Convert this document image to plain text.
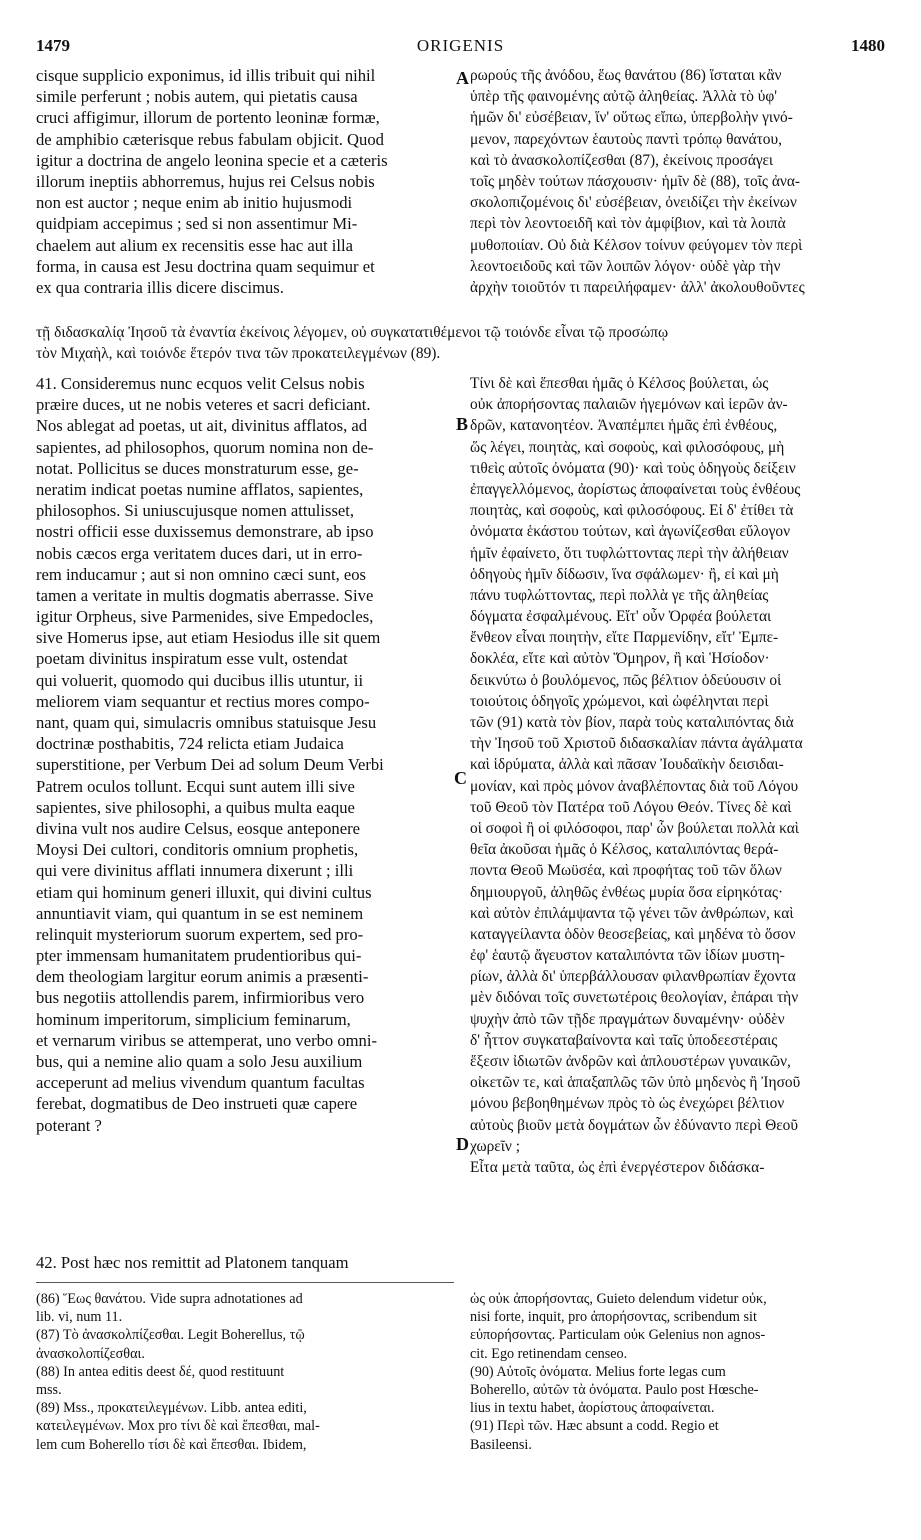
1479	ORIGENIS	1480
cisque supplicio exponimus, id illis tribuit qui nihil
simile perferunt ; nobis autem, qui pietatis causa
cruci affigimur, illorum de portento leoninæ formæ,
de amphibio cæterisque rebus fabulam objicit. Quod
igitur a doctrina de angelo leonina specie et a cæteris
illorum ineptiis abhorremus, hujus rei Celsus nobis
non est auctor ; neque enim ab initio hujusmodi
quidpiam accepimus ; sed si non assentimur Mi-
chaelem aut alium ex recensitis esse hac aut illa
forma, in causa est Jesu doctrina quam sequimur et
ex qua contraria illis dicere discimus.
ρωρούς τῆς ἀνόδου, ἕως θανάτου (86) ἵσταται κἂν
ὑπὲρ τῆς φαινομένης αὐτῷ ἀληθείας. Ἀλλὰ τὸ ὑφ'
ἡμῶν δι' εὐσέβειαν, ἵν' οὕτως εἴπω, ὑπερβολὴν γινό-
μενον, παρεχόντων ἑαυτοὺς παντὶ τρόπῳ θανάτου,
καὶ τὸ ἀνασκολοπίζεσθαι (87), ἐκείνοις προσάγει
τοῖς μηδὲν τούτων πάσχουσιν· ἡμῖν δὲ (88), τοῖς ἀνα-
σκολοπιζομένοις δι' εὐσέβειαν, ὀνειδίζει τὴν ἐκείνων
περὶ τὸν λεοντοειδῆ καὶ τὸν ἀμφίβιον, καὶ τὰ λοιπὰ
μυθοποιίαν. Οὐ διὰ Κέλσον τοίνυν φεύγομεν τὸν περὶ
λεοντοειδοῦς καὶ τῶν λοιπῶν λόγον· οὐδὲ γὰρ τὴν
ἀρχὴν τοιοῦτόν τι παρειλήφαμεν· ἀλλ' ἀκολουθοῦντες
τῇ διδασκαλίᾳ Ἰησοῦ τὰ ἐναντία ἐκείνοις λέγομεν, οὐ συγκατατιθέμενοι τῷ τοιόνδε εἶναι τῷ προσώπῳ
τὸν Μιχαὴλ, καὶ τοιόνδε ἕτερόν τινα τῶν προκατειλεγμένων (89).
41. Consideremus nunc ecquos velit Celsus nobis
præire duces, ut ne nobis veteres et sacri deficiant.
Nos ablegat ad poetas, ut ait, divinitus afflatos, ad
sapientes, ad philosophos, quorum nomina non de-
notat. Pollicitus se duces monstraturum esse, ge-
neratim indicat poetas numine afflatos, sapientes,
philosophos. Si uniuscujusque nomen attulisset,
nostri officii esse duxissemus demonstrare, ab ipso
nobis cæcos erga veritatem duces dari, ut in erro-
rem inducamur ; aut si non omnino cæci sunt, eos
tamen a veritate in multis dogmatis aberrasse. Sive
igitur Orpheus, sive Parmenides, sive Empedocles,
sive Homerus ipse, aut etiam Hesiodus ille sit quem
poetam divinitus inspiratum esse vult, ostendat
qui voluerit, quomodo qui ducibus illis utuntur, ii
meliorem viam sequantur et rectius mores compo-
nant, quam qui, simulacris omnibus statuisque Jesu
doctrinæ posthabitis, 724 relicta etiam Judaica
superstitione, per Verbum Dei ad solum Deum Verbi
Patrem oculos tollunt. Ecqui sunt autem illi sive
sapientes, sive philosophi, a quibus multa eaque
divina vult nos audire Celsus, eosque anteponere
Moysi Dei cultori, conditoris omnium prophetis,
qui vere divinitus afflati innumera dixerunt ; illi
etiam qui hominum generi illuxit, qui divini cultus
annuntiavit viam, qui quantum in se est neminem
relinquit mysteriorum suorum expertem, sed pro-
pter immensam humanitatem prudentioribus qui-
dem theologiam largitur eorum animis a præsenti-
bus negotiis attollendis parem, infirmioribus vero
hominum imperitorum, simplicium feminarum,
et vernarum viribus se attemperat, uno verbo omni-
bus, qui a nemine alio quam a solo Jesu auxilium
acceperunt ad melius vivendum quantum facultas
ferebat, dogmatibus de Deo instrueti quæ capere
poterant ?
Τίνι δὲ καὶ ἕπεσθαι ἡμᾶς ὁ Κέλσος βούλεται, ὡς
οὐκ ἀπορήσοντας παλαιῶν ἡγεμόνων καὶ ἱερῶν ἀν-
δρῶν, κατανοητέον. Ἀναπέμπει ἡμᾶς ἐπὶ ἐνθέους,
ὥς λέγει, ποιητὰς, καὶ σοφοὺς, καὶ φιλοσόφους, μὴ
τιθεὶς αὐτοῖς ὀνόματα (90)· καὶ τοὺς ὁδηγοὺς δείξειν
ἐπαγγελλόμενος, ἀορίστως ἀποφαίνεται τοὺς ἐνθέους
ποιητὰς, καὶ σοφοὺς, καὶ φιλοσόφους. Εἰ δ' ἐτίθει τὰ
ὀνόματα ἑκάστου τούτων, καὶ ἀγωνίζεσθαι εὔλογον
ἡμῖν ἐφαίνετο, ὅτι τυφλώττοντας περὶ τὴν ἀλήθειαν
ὁδηγοὺς ἡμῖν δίδωσιν, ἵνα σφάλωμεν· ἢ, εἰ καὶ μὴ
πάνυ τυφλώττοντας, περὶ πολλὰ γε τῆς ἀληθείας
δόγματα ἐσφαλμένους. Εἴτ' οὖν Ὀρφέα βούλεται
ἔνθεον εἶναι ποιητὴν, εἴτε Παρμενίδην, εἴτ' Ἐμπε-
δοκλέα, εἴτε καὶ αὐτὸν Ὅμηρον, ἢ καὶ Ἡσίοδον·
δεικνύτω ὁ βουλόμενος, πῶς βέλτιον ὁδεύουσιν οἱ
τοιούτοις ὁδηγοῖς χρώμενοι, καὶ ὠφέληνται περὶ
τῶν (91) κατὰ τὸν βίον, παρὰ τοὺς καταλιπόντας διὰ
τὴν Ἰησοῦ τοῦ Χριστοῦ διδασκαλίαν πάντα ἀγάλματα
καὶ ἱδρύματα, ἀλλὰ καὶ πᾶσαν Ἰουδαϊκὴν δεισιδαι-
μονίαν, καὶ πρὸς μόνον ἀναβλέποντας διὰ τοῦ Λόγου
τοῦ Θεοῦ τὸν Πατέρα τοῦ Λόγου Θεόν. Τίνες δὲ καὶ
οἱ σοφοὶ ἢ οἱ φιλόσοφοι, παρ' ὧν βούλεται πολλὰ καὶ
θεῖα ἀκοῦσαι ἡμᾶς ὁ Κέλσος, καταλιπόντας θερά-
ποντα Θεοῦ Μωϋσέα, καὶ προφήτας τοῦ τῶν ὅλων
δημιουργοῦ, ἀληθῶς ἐνθέως μυρία ὅσα εἰρηκότας·
καὶ αὐτὸν ἐπιλάμψαντα τῷ γένει τῶν ἀνθρώπων, καὶ
καταγγείλαντα ὁδὸν θεοσεβείας, καὶ μηδένα τὸ ὅσον
ἐφ' ἑαυτῷ ἄγευστον καταλιπόντα τῶν ἰδίων μυστη-
ρίων, ἀλλὰ δι' ὑπερβάλλουσαν φιλανθρωπίαν ἔχοντα
μὲν διδόναι τοῖς συνετωτέροις θεολογίαν, ἐπάραι τὴν
ψυχὴν ἀπὸ τῶν τῇδε πραγμάτων δυναμένην· οὐδὲν
δ' ἧττον συγκαταβαίνοντα καὶ ταῖς ὑποδεεστέραις
ἕξεσιν ἰδιωτῶν ἀνδρῶν καὶ ἁπλουστέρων γυναικῶν,
οἰκετῶν τε, καὶ ἁπαξαπλῶς τῶν ὑπὸ μηδενὸς ἢ Ἰησοῦ
μόνου βεβοηθημένων πρὸς τὸ ὡς ἐνεχώρει βέλτιον
αὐτοὺς βιοῦν μετὰ δογμάτων ὧν ἐδύναντο περὶ Θεοῦ
χωρεῖν ;
Εἶτα μετὰ ταῦτα, ὡς ἐπὶ ἐνεργέστερον διδάσκα-
42. Post hæc nos remittit ad Platonem tanquam
(86) Ἕως θανάτου. Vide supra adnotationes ad
lib. vi, num 11.
(87) Τὸ ἀνασκολπίζεσθαι. Legit Boherellus, τῷ
ἀνασκολοπίζεσθαι.
(88) In antea editis deest δέ, quod restituunt
mss.
(89) Mss., προκατειλεγμένων. Libb. antea editi,
κατειλεγμένων. Mox pro τίνι δὲ καὶ ἕπεσθαι, mal-
lem cum Boherello τίσι δὲ καὶ ἕπεσθαι. Ibidem,
ὡς οὐκ ἀπορήσοντας, Guieto delendum videtur οὐκ,
nisi forte, inquit, pro ἀπορήσοντας, scribendum sit
εὐπορήσοντας. Particulam οὐκ Gelenius non agnos-
cit. Ego retinendam censeo.
(90) Αὐτοῖς ὀνόματα. Melius forte legas cum
Boherello, αὐτῶν τὰ ὀνόματα. Paulo post Hœsche-
lius in textu habet, ἀορίστους ἀποφαίνεται.
(91) Περὶ τῶν. Hæc absunt a codd. Regio et
Basileensi.
A
B
C
D
